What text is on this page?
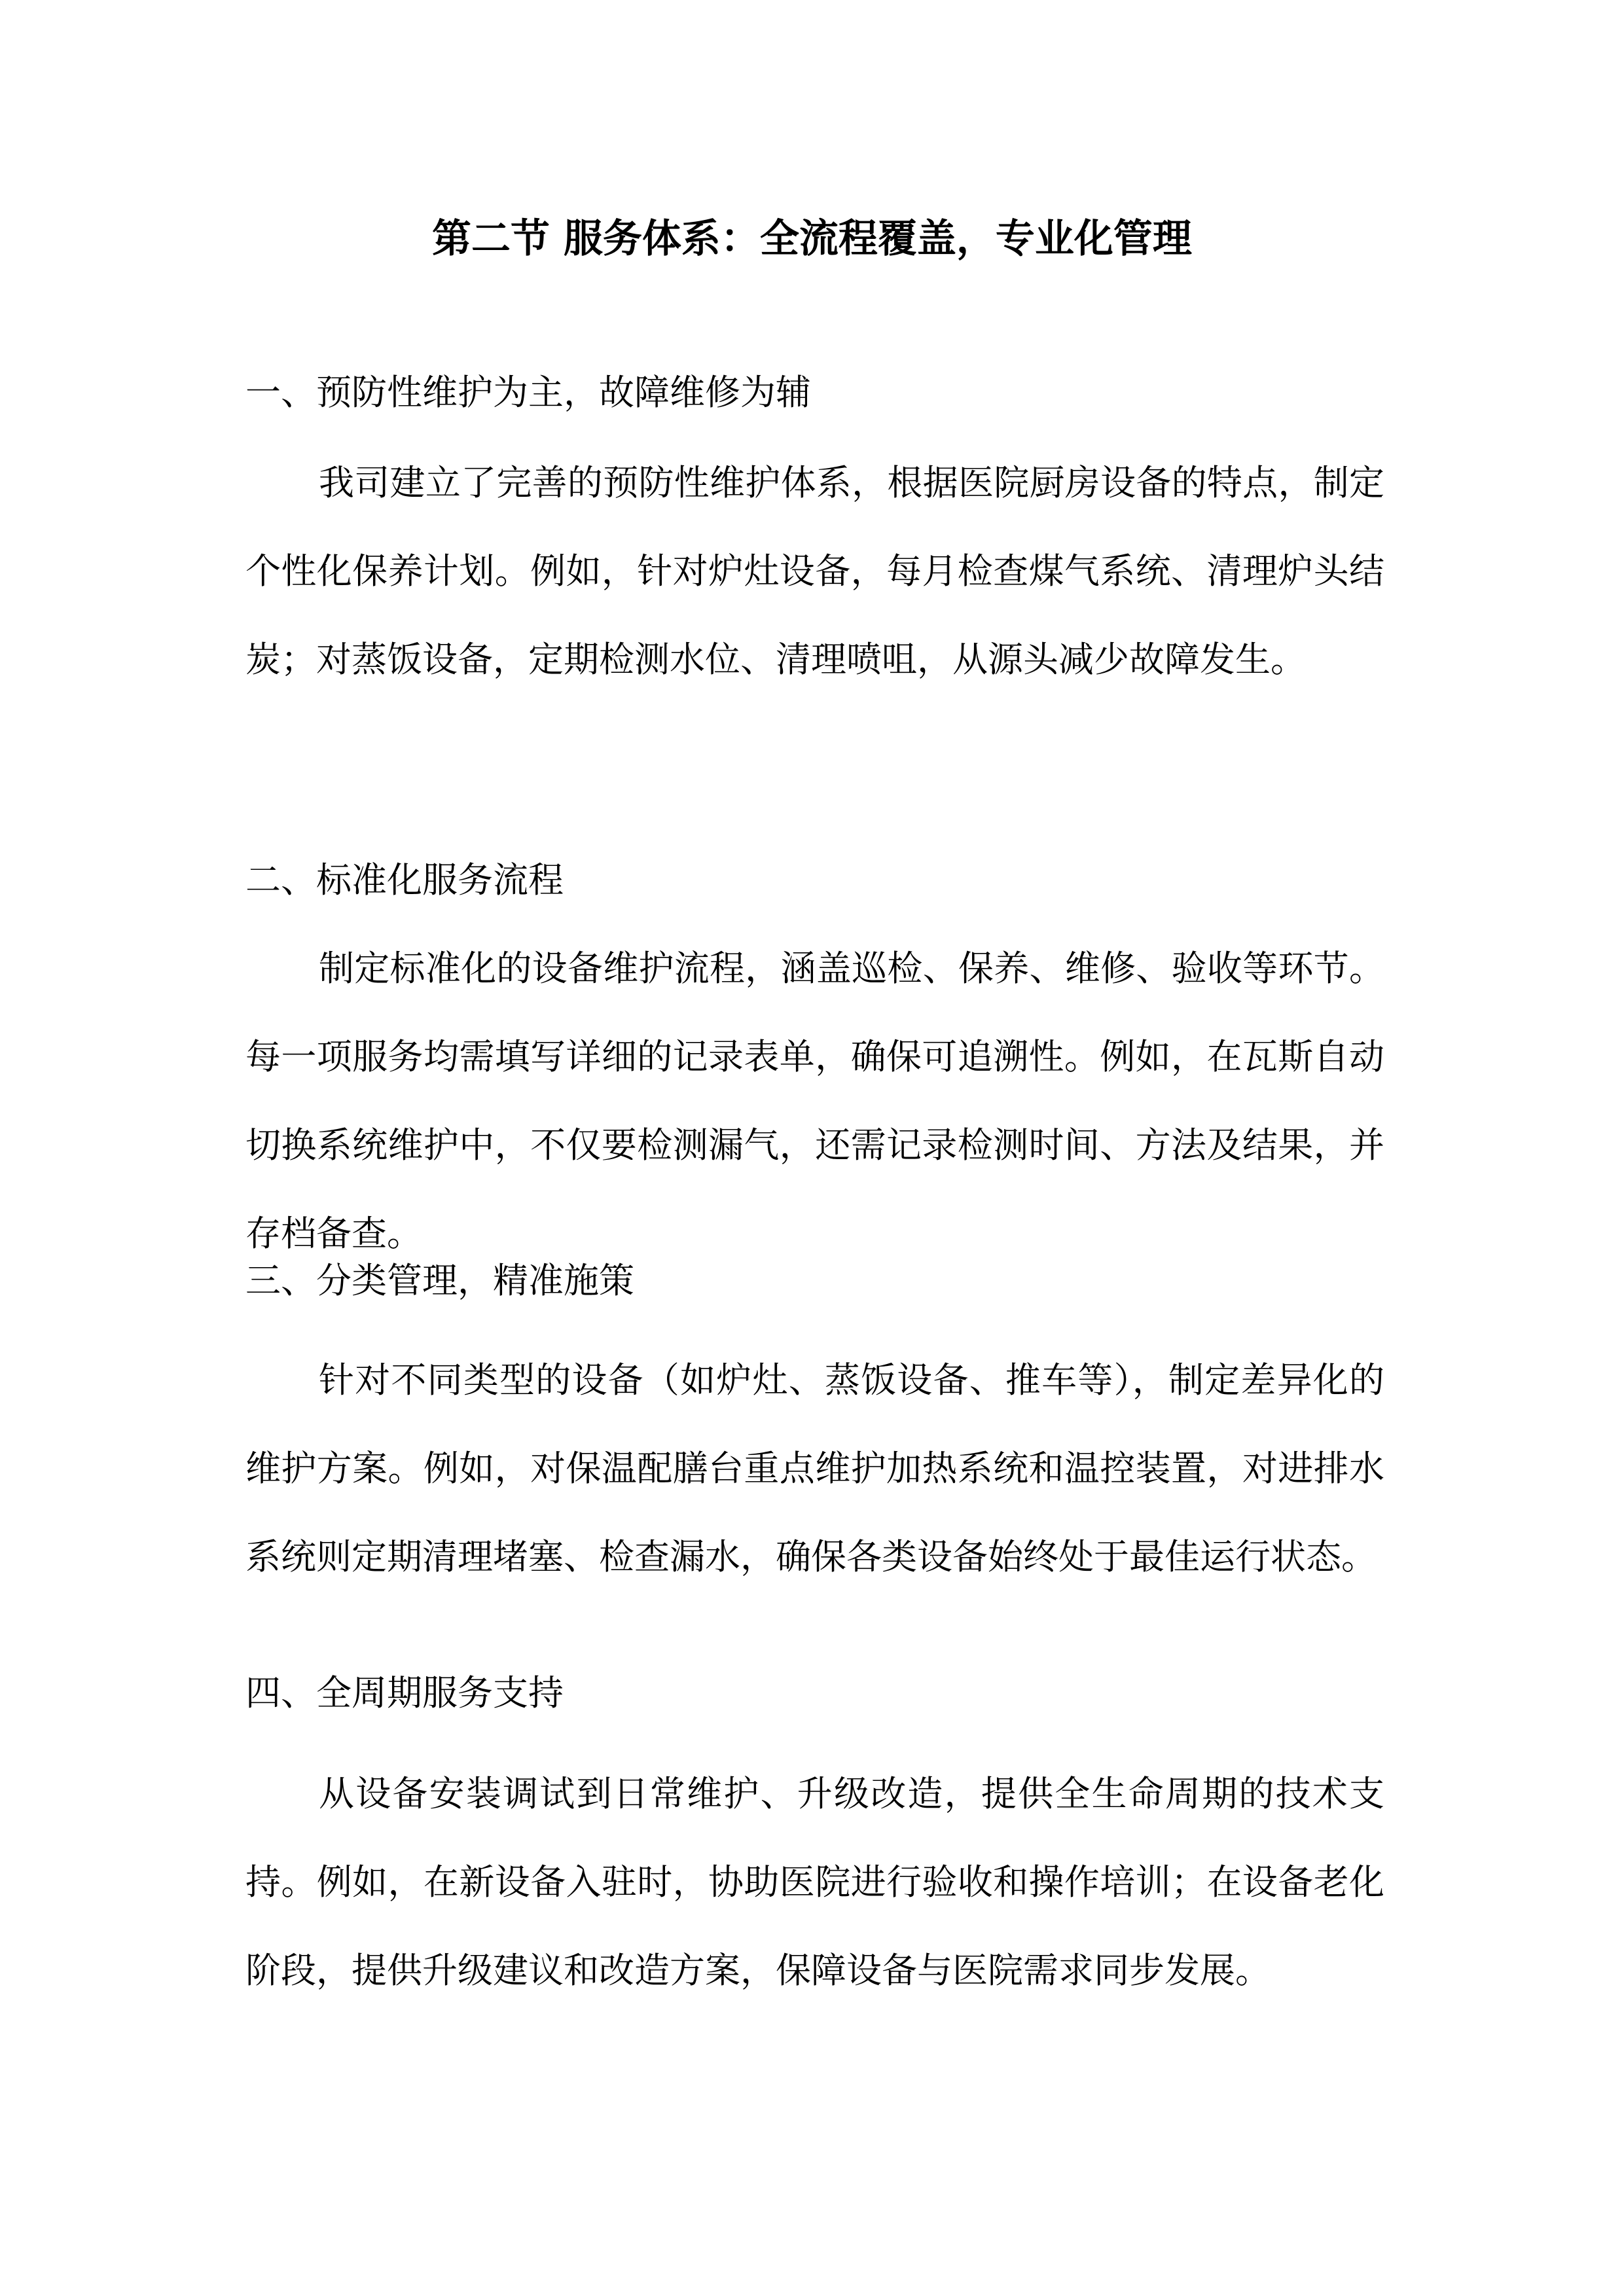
第二节 服务体系：全流程覆盖，专业化管理
一、预防性维护为主，故障维修为辅

我司建立了完善的预防性维护体系，根据医院厨房设备的特点，制定个性化保养计划。例如，针对炉灶设备，每月检查煤气系统、清理炉头结炭；对蒸饭设备，定期检测水位、清理喷咀，从源头减少故障发生。

二、标准化服务流程

制定标准化的设备维护流程，涵盖巡检、保养、维修、验收等环节。每一项服务均需填写详细的记录表单，确保可追溯性。例如，在瓦斯自动切换系统维护中，不仅要检测漏气，还需记录检测时间、方法及结果，并存档备查。

三、分类管理，精准施策

针对不同类型的设备（如炉灶、蒸饭设备、推车等），制定差异化的维护方案。例如，对保温配膳台重点维护加热系统和温控装置，对进排水系统则定期清理堵塞、检查漏水，确保各类设备始终处于最佳运行状态。

四、全周期服务支持

从设备安装调试到日常维护、升级改造，提供全生命周期的技术支持。例如，在新设备入驻时，协助医院进行验收和操作培训；在设备老化阶段，提供升级建议和改造方案，保障设备与医院需求同步发展。
